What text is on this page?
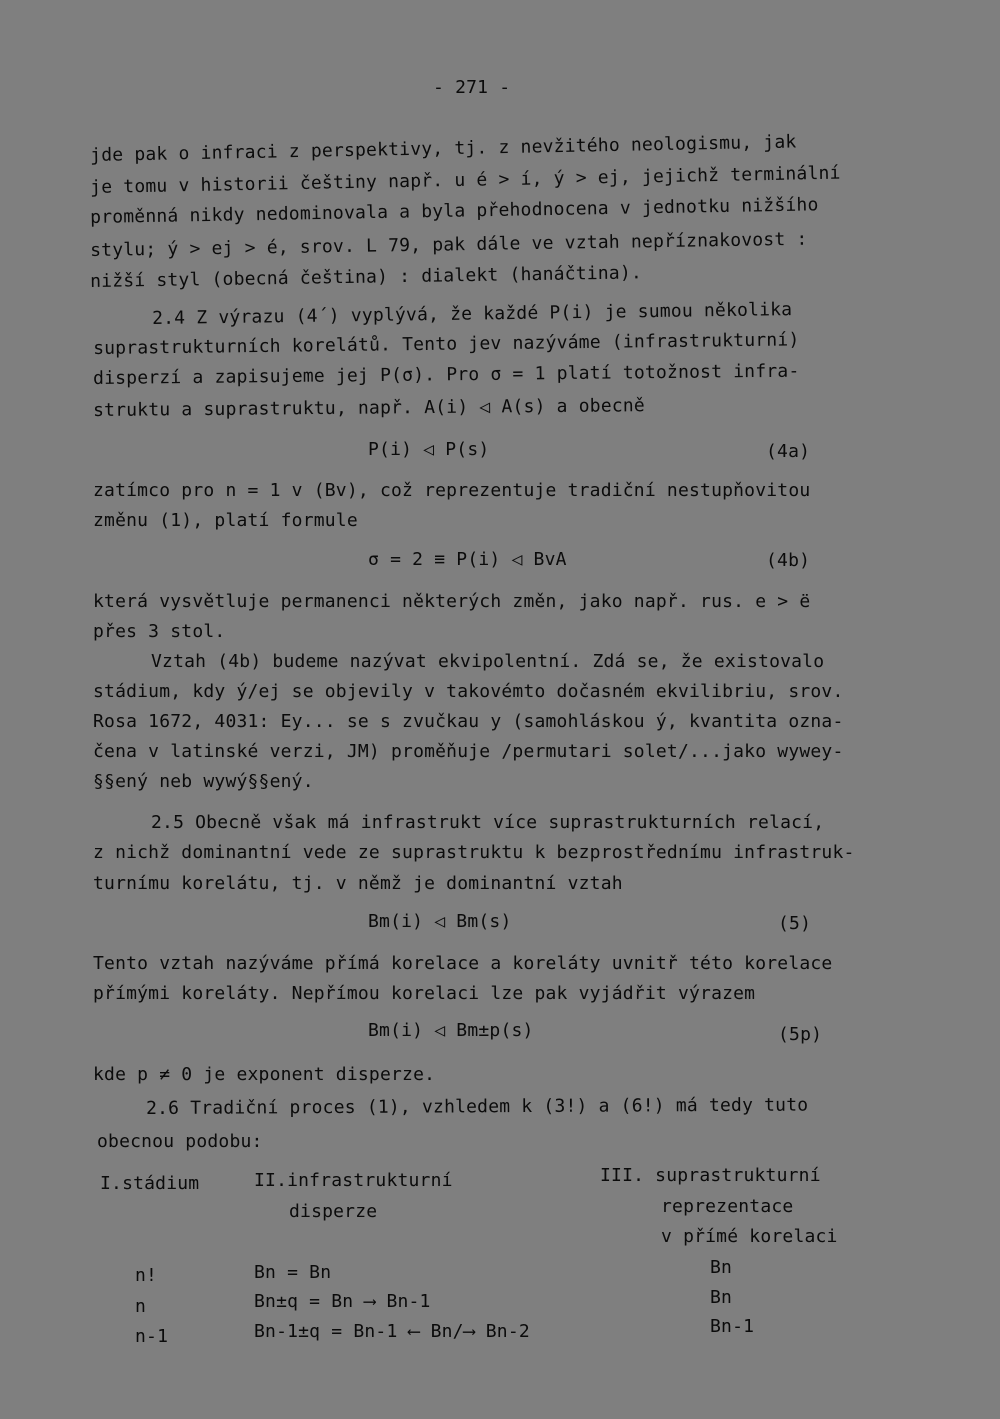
- 271 -
jde pak o infraci z perspektivy, tj. z nevžitého neologismu, jak
je tomu v historii češtiny např. u é > í, ý > ej, jejichž terminální
proměnná nikdy nedominovala a byla přehodnocena v jednotku nižšího
stylu; ý > ej > é, srov. L 79, pak dále ve vztah nepříznakovost :
nižší styl (obecná čeština) : dialekt (hanáčtina).
2.4 Z výrazu (4´) vyplývá, že každé P(i) je sumou několika
suprastrukturních korelátů. Tento jev nazýváme (infrastrukturní)
disperzí a zapisujeme jej P(σ). Pro σ = 1 platí totožnost infra-
struktu a suprastruktu, např. A(i) ◁ A(s) a obecně
P(i) ◁ P(s)	(4a)
zatímco pro n = 1 v (Bv), což reprezentuje tradiční nestupňovitou
změnu (1), platí formule
σ = 2 ≡ P(i) ◁ BvA	(4b)
která vysvětluje permanenci některých změn, jako např. rus. e > ё
přes 3 stol.
Vztah (4b) budeme nazývat ekvipolentní. Zdá se, že existovalo
stádium, kdy ý/ej se objevily v takovémto dočasném ekvilibriu, srov.
Rosa 1672, 4031: Ey... se s zvučkau y (samohláskou ý, kvantita ozna-
čena v latinské verzi, JM) proměňuje /permutari solet/...jako wywey-
§§ený neb wywý§§ený.
2.5 Obecně však má infrastrukt více suprastrukturních relací,
z nichž dominantní vede ze suprastruktu k bezprostřednímu infrastruk-
turnímu korelátu, tj. v němž je dominantní vztah
Bm(i) ◁ Bm(s)	(5)
Tento vztah nazýváme přímá korelace a koreláty uvnitř této korelace
přímými koreláty. Nepřímou korelaci lze pak vyjádřit výrazem
Bm(i) ◁ Bm±p(s)	(5p)
kde p ≠ 0 je exponent disperze.
2.6 Tradiční proces (1), vzhledem k (3!) a (6!) má tedy tuto
obecnou podobu:
I.stádium	II.infrastrukturní
disperze
III. suprastrukturní
reprezentace
v přímé korelaci
n!	Bn = Bn	Bn
n	Bn±q = Bn ⟶ Bn-1	Bn
n-1	Bn-1±q = Bn-1 ⟵ Bn/⟶ Bn-2	Bn-1
